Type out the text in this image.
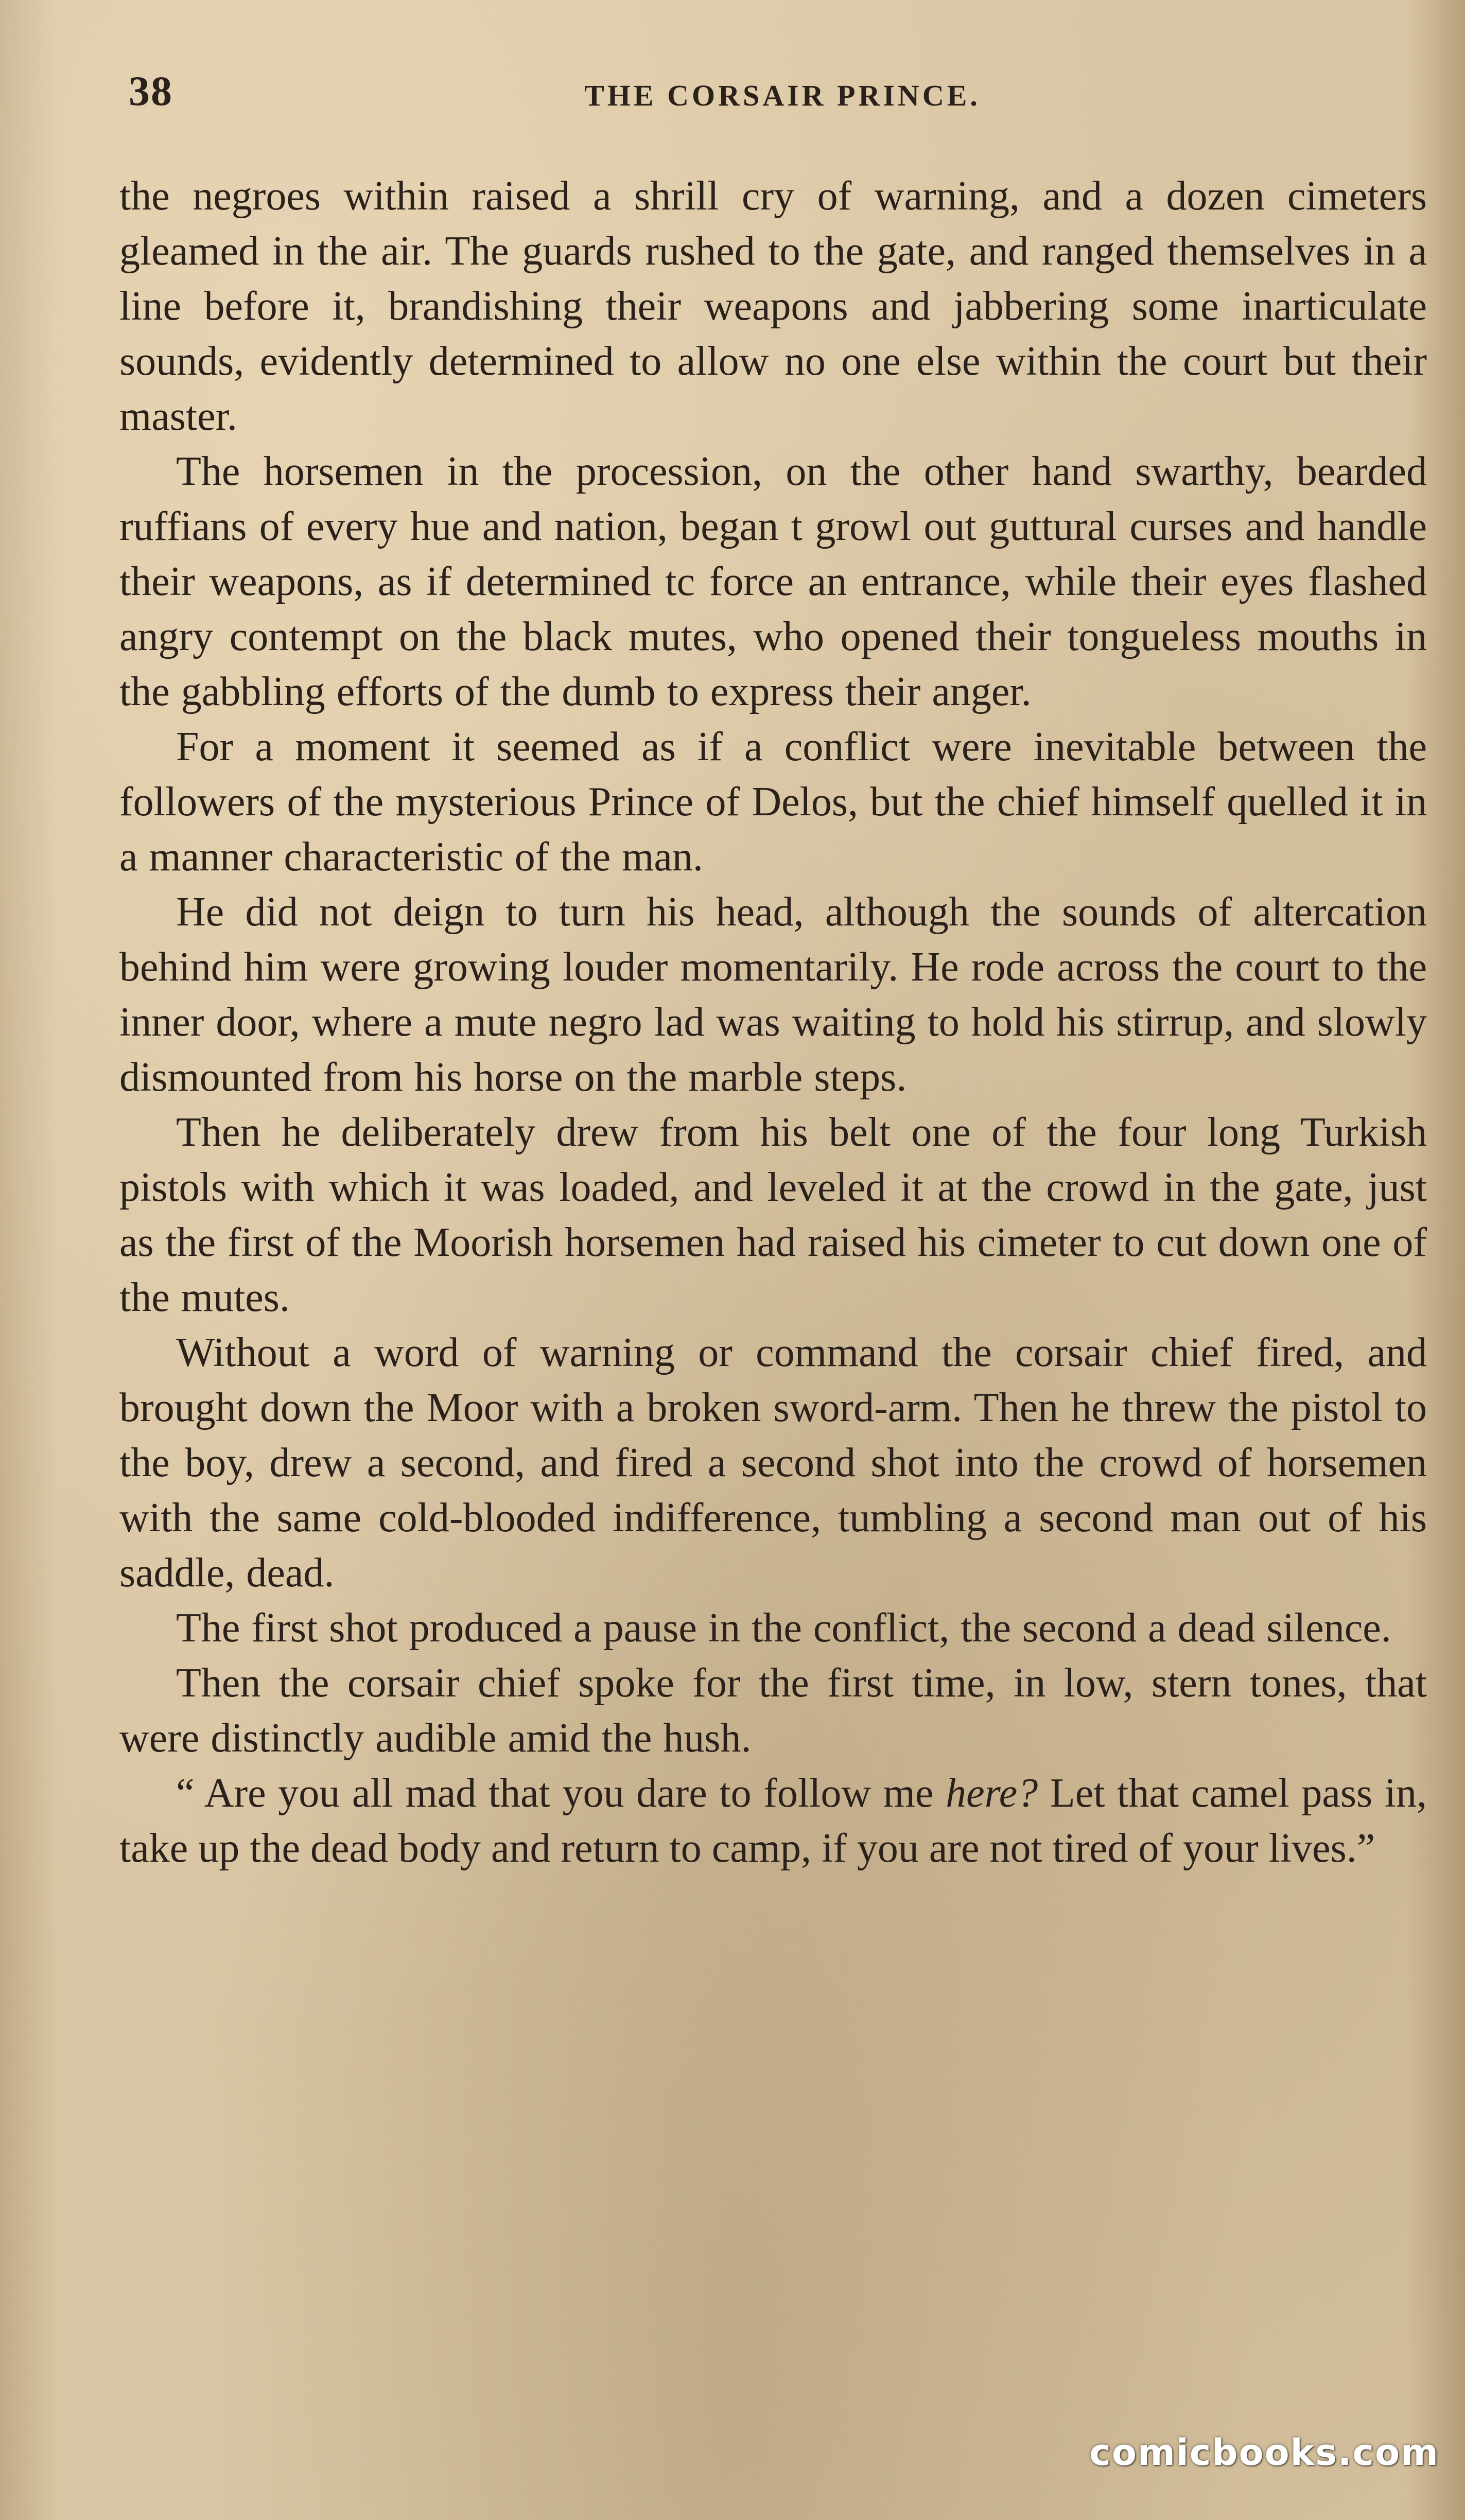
38	THE CORSAIR PRINCE.

the negroes within raised a shrill cry of warning, and a dozen cimeters gleamed in the air. The guards rushed to the gate, and ranged themselves in a line before it, brandishing their weapons and jabbering some inarticulate sounds, evidently determined to allow no one else within the court but their master.

The horsemen in the procession, on the other hand swarthy, bearded ruffians of every hue and nation, began t growl out guttural curses and handle their weapons, as if determined tc force an entrance, while their eyes flashed angry contempt on the black mutes, who opened their tongueless mouths in the gabbling efforts of the dumb to express their anger.

For a moment it seemed as if a conflict were inevitable between the followers of the mysterious Prince of Delos, but the chief himself quelled it in a manner characteristic of the man.

He did not deign to turn his head, although the sounds of altercation behind him were growing louder momentarily. He rode across the court to the inner door, where a mute negro lad was waiting to hold his stirrup, and slowly dismounted from his horse on the marble steps.

Then he deliberately drew from his belt one of the four long Turkish pistols with which it was loaded, and leveled it at the crowd in the gate, just as the first of the Moorish horsemen had raised his cimeter to cut down one of the mutes.

Without a word of warning or command the corsair chief fired, and brought down the Moor with a broken sword-arm. Then he threw the pistol to the boy, drew a second, and fired a second shot into the crowd of horsemen with the same cold-blooded indifference, tumbling a second man out of his saddle, dead.

The first shot produced a pause in the conflict, the second a dead silence.

Then the corsair chief spoke for the first time, in low, stern tones, that were distinctly audible amid the hush.

“ Are you all mad that you dare to follow me here? Let that camel pass in, take up the dead body and return to camp, if you are not tired of your lives.”

comicbooks.com
